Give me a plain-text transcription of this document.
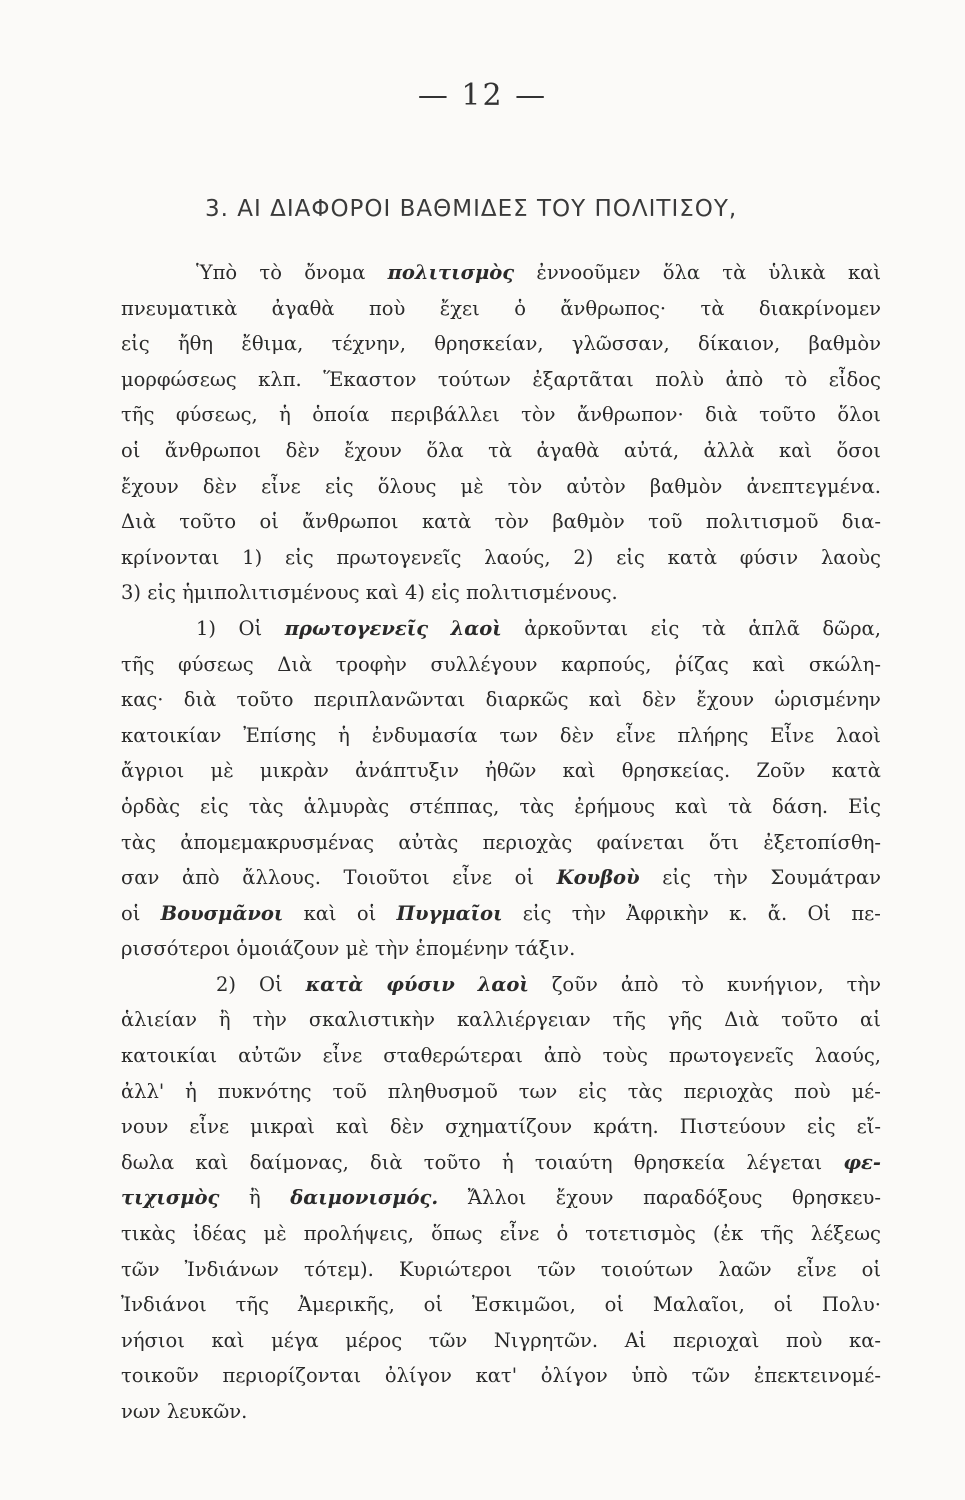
— 12 —
3. ΑΙ ΔΙΑΦΟΡΟΙ ΒΑΘΜΙΔΕΣ ΤΟΥ ΠΟΛΙΤΙΣΟΥ,
Ὑπὸ τὸ ὄνομα πολιτισμὸς ἐννοοῦμεν ὅλα τὰ ὑλικὰ καὶ
πνευματικὰ ἀγαθὰ ποὺ ἔχει ὁ ἄνθρωπος· τὰ διακρίνομεν
εἰς ἤθη ἔθιμα, τέχνην, θρησκείαν, γλῶσσαν, δίκαιον, βαθμὸν
μορφώσεως κλπ. Ἕκαστον τούτων ἐξαρτᾶται πολὺ ἀπὸ τὸ εἶδος
τῆς φύσεως, ἡ ὁποία περιβάλλει τὸν ἄνθρωπον· διὰ τοῦτο ὅλοι
οἱ ἄνθρωποι δὲν ἔχουν ὅλα τὰ ἀγαθὰ αὐτά, ἀλλὰ καὶ ὅσοι
ἔχουν δὲν εἶνε εἰς ὅλους μὲ τὸν αὐτὸν βαθμὸν ἀνεπτεγμένα.
Διὰ τοῦτο οἱ ἄνθρωποι κατὰ τὸν βαθμὸν τοῦ πολιτισμοῦ δια-
κρίνονται 1) εἰς πρωτογενεῖς λαούς, 2) εἰς κατὰ φύσιν λαοὺς
3) εἰς ἡμιπολιτισμένους καὶ 4) εἰς πολιτισμένους.
1) Οἱ πρωτογενεῖς λαοὶ ἀρκοῦνται εἰς τὰ ἁπλᾶ δῶρα,
τῆς φύσεως Διὰ τροφὴν συλλέγουν καρπούς, ῥίζας καὶ σκώλη-
κας· διὰ τοῦτο περιπλανῶνται διαρκῶς καὶ δὲν ἔχουν ὡρισμένην
κατοικίαν Ἐπίσης ἡ ἐνδυμασία των δὲν εἶνε πλήρης Εἶνε λαοὶ
ἄγριοι μὲ μικρὰν ἀνάπτυξιν ἠθῶν καὶ θρησκείας. Ζοῦν κατὰ
ὁρδὰς εἰς τὰς ἁλμυρὰς στέππας, τὰς ἐρήμους καὶ τὰ δάση. Εἰς
τὰς ἀπομεμακρυσμένας αὐτὰς περιοχὰς φαίνεται ὅτι ἐξετοπίσθη-
σαν ἀπὸ ἄλλους. Τοιοῦτοι εἶνε οἱ Κουβοὺ εἰς τὴν Σουμάτραν
οἱ Βουσμᾶνοι καὶ οἱ Πυγμαῖοι εἰς τὴν Ἀφρικὴν κ. ἄ. Οἱ πε-
ρισσότεροι ὁμοιάζουν μὲ τὴν ἑπομένην τάξιν.
2) Οἱ κατὰ φύσιν λαοὶ ζοῦν ἀπὸ τὸ κυνήγιον, τὴν
ἁλιείαν ἢ τὴν σκαλιστικὴν καλλιέργειαν τῆς γῆς Διὰ τοῦτο αἱ
κατοικίαι αὐτῶν εἶνε σταθερώτεραι ἀπὸ τοὺς πρωτογενεῖς λαούς,
ἀλλ' ἡ πυκνότης τοῦ πληθυσμοῦ των εἰς τὰς περιοχὰς ποὺ μέ-
νουν εἶνε μικραὶ καὶ δὲν σχηματίζουν κράτη. Πιστεύουν εἰς εἴ-
δωλα καὶ δαίμονας, διὰ τοῦτο ἡ τοιαύτη θρησκεία λέγεται φε-
τιχισμὸς ἢ δαιμονισμός. Ἄλλοι ἔχουν παραδόξους θρησκευ-
τικὰς ἰδέας μὲ προλήψεις, ὅπως εἶνε ὁ τοτετισμὸς (ἐκ τῆς λέξεως
τῶν Ἰνδιάνων τότεμ). Κυριώτεροι τῶν τοιούτων λαῶν εἶνε οἱ
Ἰνδιάνοι τῆς Ἀμερικῆς, οἱ Ἐσκιμῶοι, οἱ Μαλαῖοι, οἱ Πολυ·
νήσιοι καὶ μέγα μέρος τῶν Νιγρητῶν. Αἱ περιοχαὶ ποὺ κα-
τοικοῦν περιορίζονται ὀλίγον κατ' ὀλίγον ὑπὸ τῶν ἐπεκτεινομέ-
νων λευκῶν.
